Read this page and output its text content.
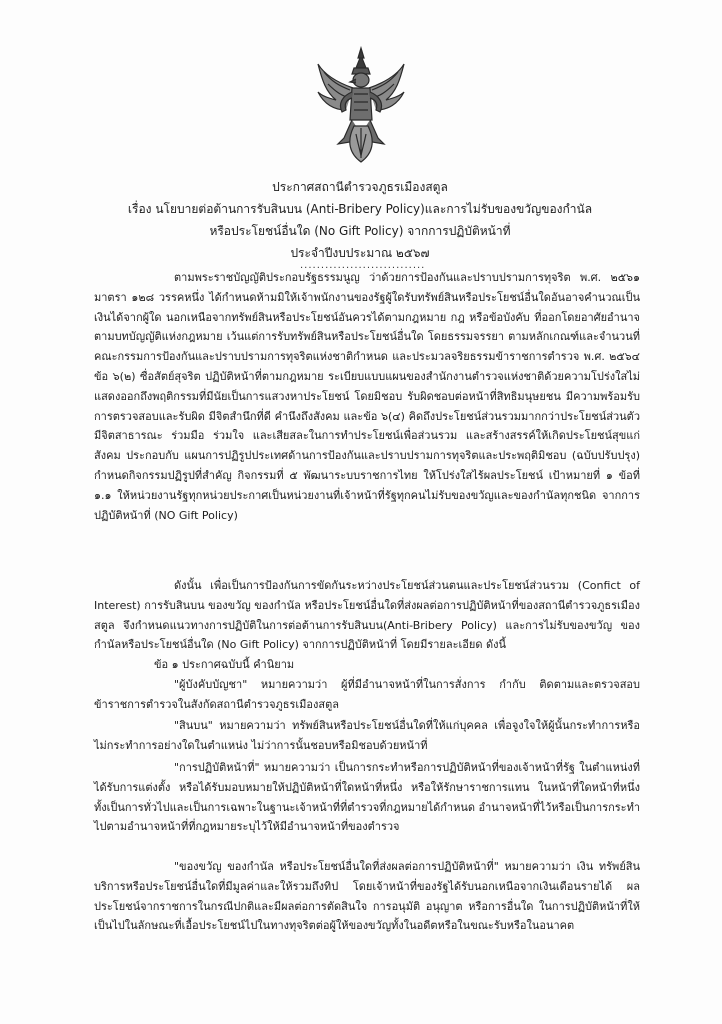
ประกาศสถานีตำรวจภูธรเมืองสตูล
เรื่อง นโยบายต่อต้านการรับสินบน (Anti-Bribery Policy)และการไม่รับของขวัญของกำนัล
หรือประโยชน์อื่นใด (No Gift Policy) จากการปฏิบัติหน้าที่
ประจำปีงบประมาณ ๒๕๖๗
..............................
ตามพระราชบัญญัติประกอบรัฐธรรมนูญ ว่าด้วยการป้องกันและปราบปรามการทุจริต พ.ศ. ๒๕๖๑ มาตรา ๑๒๘ วรรคหนึ่ง ได้กำหนดห้ามมิให้เจ้าพนักงานของรัฐผู้ใดรับทรัพย์สินหรือประโยชน์อื่นใดอันอาจคำนวณเป็นเงินได้จากผู้ใด นอกเหนือจากทรัพย์สินหรือประโยชน์อันควรได้ตามกฎหมาย กฎ หรือข้อบังคับ ที่ออกโดยอาศัยอำนาจตามบทบัญญัติแห่งกฎหมาย เว้นแต่การรับทรัพย์สินหรือประโยชน์อื่นใด โดยธรรมจรรยา ตามหลักเกณฑ์และจำนวนที่คณะกรรมการป้องกันและปราบปรามการทุจริตแห่งชาติกำหนด และประมวลจริยธรรมข้าราชการตำรวจ พ.ศ. ๒๕๖๔ ข้อ ๖(๒) ซื่อสัตย์สุจริต ปฏิบัติหน้าที่ตามกฎหมาย ระเบียบแบบแผนของสำนักงานตำรวจแห่งชาติด้วยความโปร่งใสไม่แสดงออกถึงพฤติกรรมที่มีนัยเป็นการแสวงหาประโยชน์ โดยมิชอบ รับผิดชอบต่อหน้าที่สิทธิมนุษยชน มีความพร้อมรับการตรวจสอบและรับผิด มีจิตสำนึกที่ดี คำนึงถึงสังคม และข้อ ๖(๔) คิดถึงประโยชน์ส่วนรวมมากกว่าประโยชน์ส่วนตัว มีจิตสาธารณะ ร่วมมือ ร่วมใจ และเสียสละในการทำประโยชน์เพื่อส่วนรวม และสร้างสรรค์ให้เกิดประโยชน์สุขแก่สังคม ประกอบกับ แผนการปฏิรูปประเทศด้านการป้องกันและปราบปรามการทุจริตและประพฤติมิชอบ (ฉบับปรับปรุง) กำหนดกิจกรรมปฏิรูปที่สำคัญ กิจกรรมที่ ๕ พัฒนาระบบราชการไทย ให้โปร่งใสไร้ผลประโยชน์ เป้าหมายที่ ๑ ข้อที่ ๑.๑ ให้หน่วยงานรัฐทุกหน่วยประกาศเป็นหน่วยงานที่เจ้าหน้าที่รัฐทุกคนไม่รับของขวัญและของกำนัลทุกชนิด จากการปฏิบัติหน้าที่ (NO Gift Policy)
ดังนั้น เพื่อเป็นการป้องกันการขัดกันระหว่างประโยชน์ส่วนตนและประโยชน์ส่วนรวม (Confict of Interest) การรับสินบน ของขวัญ ของกำนัล หรือประโยชน์อื่นใดที่ส่งผลต่อการปฏิบัติหน้าที่ของสถานีตำรวจภูธรเมืองสตูล จึงกำหนดแนวทางการปฏิบัติในการต่อต้านการรับสินบน(Anti-Bribery Policy) และการไม่รับของขวัญ ของกำนัลหรือประโยชน์อื่นใด (No Gift Policy) จากการปฏิบัติหน้าที่ โดยมีรายละเอียด ดังนี้
ข้อ ๑ ประกาศฉบับนี้ คำนิยาม
"ผู้บังคับบัญชา" หมายความว่า ผู้ที่มีอำนาจหน้าที่ในการสั่งการ กำกับ ติดตามและตรวจสอบข้าราชการตำรวจในสังกัดสถานีตำรวจภูธรเมืองสตูล
"สินบน" หมายความว่า ทรัพย์สินหรือประโยชน์อื่นใดที่ให้แก่บุคคล เพื่อจูงใจให้ผู้นั้นกระทำการหรือไม่กระทำการอย่างใดในตำแหน่ง ไม่ว่าการนั้นชอบหรือมิชอบด้วยหน้าที่
"การปฏิบัติหน้าที่" หมายความว่า เป็นการกระทำหรือการปฏิบัติหน้าที่ของเจ้าหน้าที่รัฐ ในตำแหน่งที่ได้รับการแต่งตั้ง หรือได้รับมอบหมายให้ปฏิบัติหน้าที่ใดหน้าที่หนึ่ง หรือให้รักษาราชการแทน ในหน้าที่ใดหน้าที่หนึ่ง ทั้งเป็นการทั่วไปและเป็นการเฉพาะในฐานะเจ้าหน้าที่ที่ตำรวจที่กฎหมายได้กำหนด อำนาจหน้าที่ไว้หรือเป็นการกระทำไปตามอำนาจหน้าที่ที่กฎหมายระบุไว้ให้มีอำนาจหน้าที่ของตำรวจ
"ของขวัญ ของกำนัล หรือประโยชน์อื่นใดที่ส่งผลต่อการปฏิบัติหน้าที่" หมายความว่า เงิน ทรัพย์สิน บริการหรือประโยชน์อื่นใดที่มีมูลค่าและให้รวมถึงทิป โดยเจ้าหน้าที่ของรัฐได้รับนอกเหนือจากเงินเดือนรายได้ ผลประโยชน์จากราชการในกรณีปกติและมีผลต่อการตัดสินใจ การอนุมัติ อนุญาต หรือการอื่นใด ในการปฏิบัติหน้าที่ให้เป็นไปในลักษณะที่เอื้อประโยชน์ไปในทางทุจริตต่อผู้ให้ของขวัญทั้งในอดีตหรือในขณะรับหรือในอนาคต
